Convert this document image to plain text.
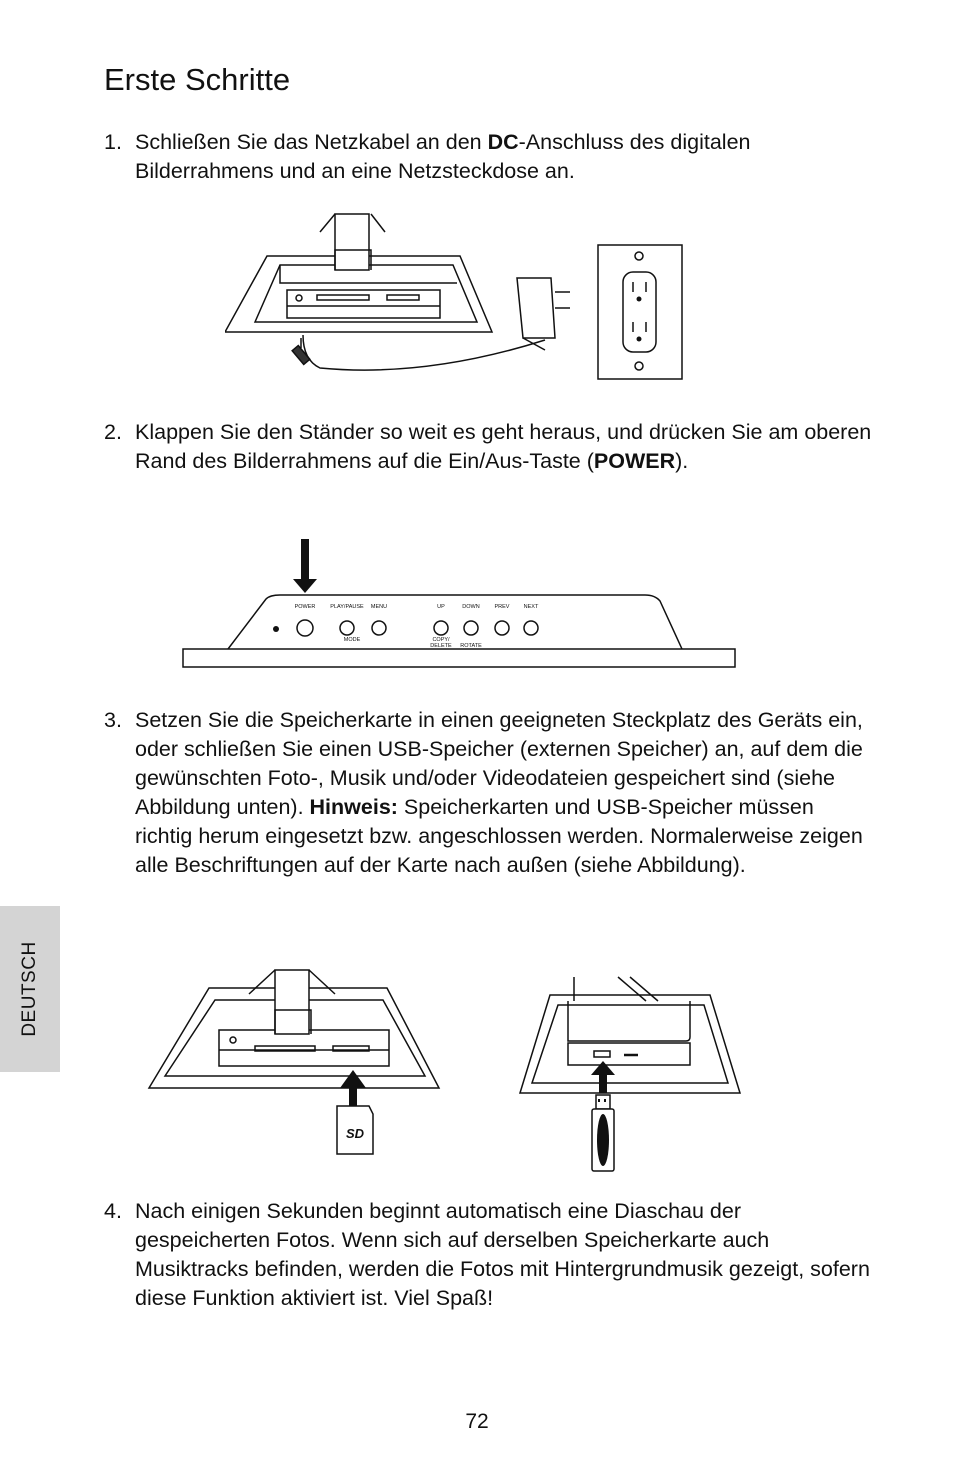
Erste Schritte
1. Schließen Sie das Netzkabel an den DC-Anschluss des digitalen Bilderrahmens und an eine Netzsteckdose an.
2. Klappen Sie den Ständer so weit es geht heraus, und drücken Sie am oberen Rand des Bilderrahmens auf die Ein/Aus-Taste (POWER).
POWER	PLAY/PAUSE MENU	UP	DOWN	PREV	NEXT
MODE	COPY/
DELETE ROTATE
3. Setzen Sie die Speicherkarte in einen geeigneten Steckplatz des Geräts ein, oder schließen Sie einen USB-Speicher (externen Speicher) an, auf dem die gewünschten Foto-, Musik und/oder Videodateien gespeichert sind (siehe Abbildung unten). Hinweis: Speicherkarten und USB-Speicher müssen richtig herum eingesetzt bzw. angeschlossen werden. Normalerweise zeigen alle Beschriftungen auf der Karte nach außen (siehe Abbildung).
SD
4. Nach einigen Sekunden beginnt automatisch eine Diaschau der gespeicherten Fotos. Wenn sich auf derselben Speicherkarte auch Musiktracks befinden, werden die Fotos mit Hintergrundmusik gezeigt, sofern diese Funktion aktiviert ist. Viel Spaß!
DEUTSCH
72
